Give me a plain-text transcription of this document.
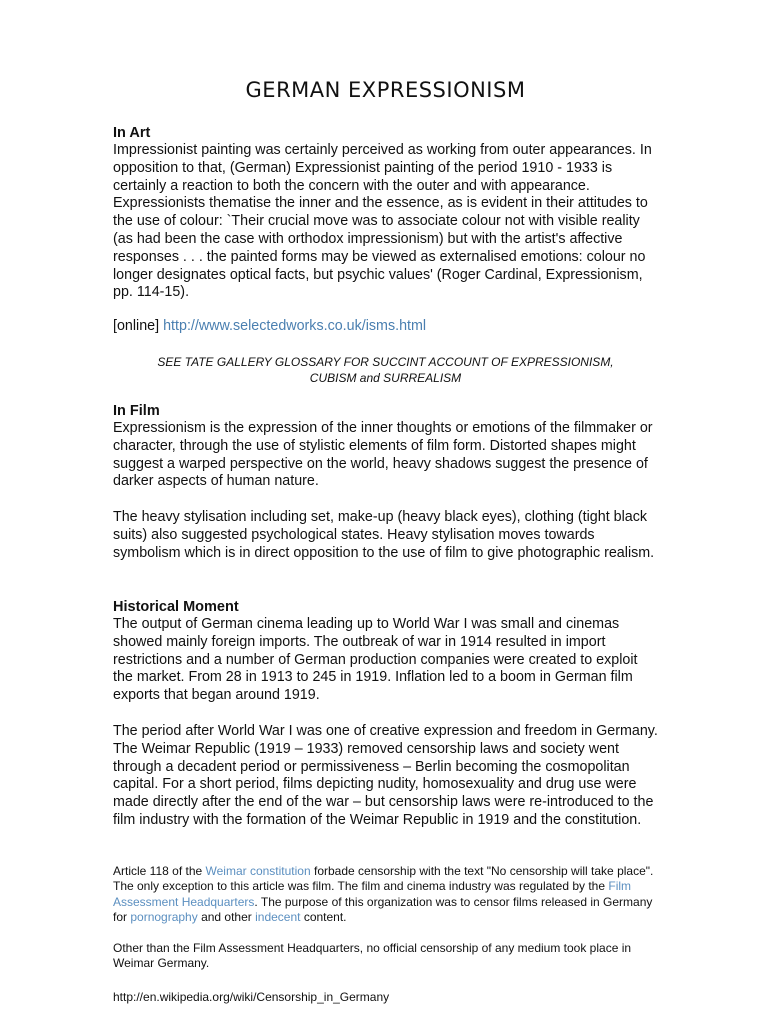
GERMAN EXPRESSIONISM

In Art

Impressionist painting was certainly perceived as working from outer appearances. In opposition to that, (German) Expressionist painting of the period 1910 - 1933 is certainly a reaction to both the concern with the outer and with appearance. Expressionists thematise the inner and the essence, as is evident in their attitudes to the use of colour: `Their crucial move was to associate colour not with visible reality (as had been the case with orthodox impressionism) but with the artist's affective responses . . . the painted forms may be viewed as externalised emotions: colour no longer designates optical facts, but psychic values' (Roger Cardinal, Expressionism, pp. 114-15).

[online] http://www.selectedworks.co.uk/isms.html

SEE TATE GALLERY GLOSSARY FOR SUCCINT ACCOUNT OF EXPRESSIONISM,

CUBISM and SURREALISM

In Film

Expressionism is the expression of the inner thoughts or emotions of the filmmaker or character, through the use of stylistic elements of film form. Distorted shapes might suggest a warped perspective on the world, heavy shadows suggest the presence of darker aspects of human nature.

The heavy stylisation including set, make-up (heavy black eyes), clothing (tight black suits) also suggested psychological states. Heavy stylisation moves towards symbolism which is in direct opposition to the use of film to give photographic realism.

Historical Moment

The output of German cinema leading up to World War I was small and cinemas showed mainly foreign imports. The outbreak of war in 1914 resulted in import restrictions and a number of German production companies were created to exploit the market. From 28 in 1913 to 245 in 1919. Inflation led to a boom in German film exports that began around 1919.

The period after World War I was one of creative expression and freedom in Germany. The Weimar Republic (1919 – 1933) removed censorship laws and society went through a decadent period or permissiveness – Berlin becoming the cosmopolitan capital. For a short period, films depicting nudity, homosexuality and drug use were made directly after the end of the war – but censorship laws were re-introduced to the film industry with the formation of the Weimar Republic in 1919 and the constitution.

Article 118 of the Weimar constitution forbade censorship with the text "No censorship will take place". The only exception to this article was film. The film and cinema industry was regulated by the Film Assessment Headquarters. The purpose of this organization was to censor films released in Germany for pornography and other indecent content.

Other than the Film Assessment Headquarters, no official censorship of any medium took place in Weimar Germany.

http://en.wikipedia.org/wiki/Censorship_in_Germany
